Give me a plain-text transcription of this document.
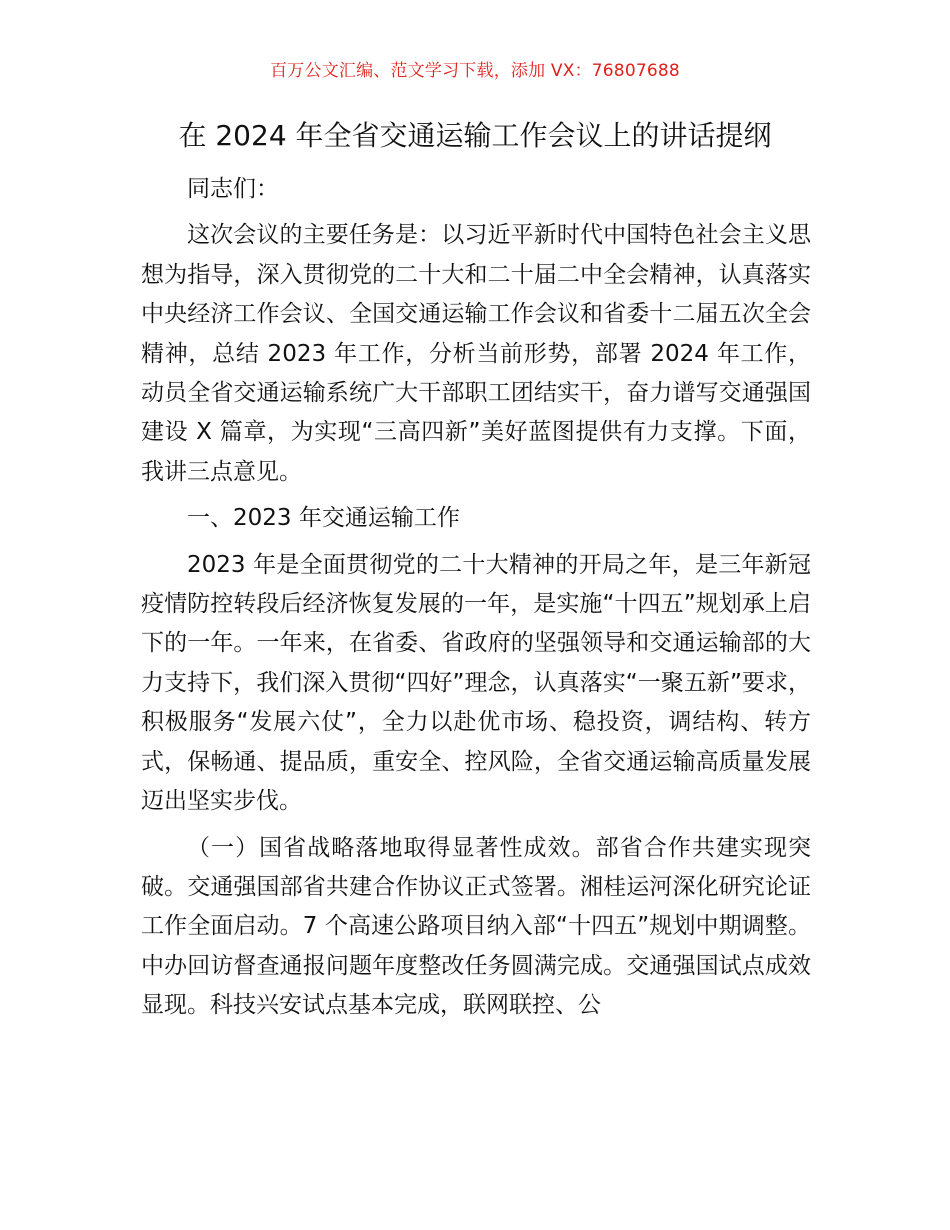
百万公文汇编、范文学习下载，添加 VX：76807688
在 2024 年全省交通运输工作会议上的讲话提纲

同志们：

这次会议的主要任务是：以习近平新时代中国特色社会主义思想为指导，深入贯彻党的二十大和二十届二中全会精神，认真落实中央经济工作会议、全国交通运输工作会议和省委十二届五次全会精神，总结 2023 年工作，分析当前形势，部署 2024 年工作，动员全省交通运输系统广大干部职工团结实干，奋力谱写交通强国建设 X 篇章，为实现“三高四新”美好蓝图提供有力支撑。下面，我讲三点意见。

一、2023 年交通运输工作

2023 年是全面贯彻党的二十大精神的开局之年，是三年新冠疫情防控转段后经济恢复发展的一年，是实施“十四五”规划承上启下的一年。一年来，在省委、省政府的坚强领导和交通运输部的大力支持下，我们深入贯彻“四好”理念，认真落实“一聚五新”要求，积极服务“发展六仗”，全力以赴优市场、稳投资，调结构、转方式，保畅通、提品质，重安全、控风险，全省交通运输高质量发展迈出坚实步伐。

（一）国省战略落地取得显著性成效。部省合作共建实现突破。交通强国部省共建合作协议正式签署。湘桂运河深化研究论证工作全面启动。7 个高速公路项目纳入部“十四五”规划中期调整。中办回访督查通报问题年度整改任务圆满完成。交通强国试点成效显现。科技兴安试点基本完成，联网联控、公
